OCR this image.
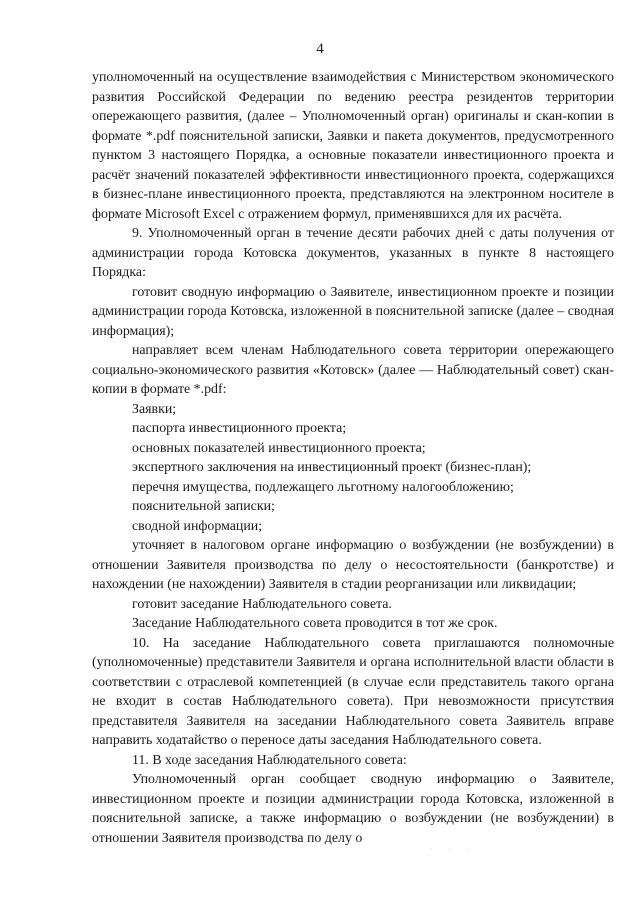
4

уполномоченный на осуществление взаимодействия с Министерством экономического развития Российской Федерации по ведению реестра резидентов территории опережающего развития, (далее – Уполномоченный орган) оригиналы и скан-копии в формате *.pdf пояснительной записки, Заявки и пакета документов, предусмотренного пунктом 3 настоящего Порядка, а основные показатели инвестиционного проекта и расчёт значений показателей эффективности инвестиционного проекта, содержащихся в бизнес-плане инвестиционного проекта, представляются на электронном носителе в формате Microsoft Excel с отражением формул, применявшихся для их расчёта.

9. Уполномоченный орган в течение десяти рабочих дней с даты получения от администрации города Котовска документов, указанных в пункте 8 настоящего Порядка:

готовит сводную информацию о Заявителе, инвестиционном проекте и позиции администрации города Котовска, изложенной в пояснительной записке (далее – сводная информация);

направляет всем членам Наблюдательного совета территории опережающего социально-экономического развития «Котовск» (далее — Наблюдательный совет) скан-копии в формате *.pdf:

Заявки;

паспорта инвестиционного проекта;

основных показателей инвестиционного проекта;

экспертного заключения на инвестиционный проект (бизнес-план);

перечня имущества, подлежащего льготному налогообложению;

пояснительной записки;

сводной информации;

уточняет в налоговом органе информацию о возбуждении (не возбуждении) в отношении Заявителя производства по делу о несостоятельности (банкротстве) и нахождении (не нахождении) Заявителя в стадии реорганизации или ликвидации;

готовит заседание Наблюдательного совета.

Заседание Наблюдательного совета проводится в тот же срок.

10. На заседание Наблюдательного совета приглашаются полномочные (уполномоченные) представители Заявителя и органа исполнительной власти области в соответствии с отраслевой компетенцией (в случае если представитель такого органа не входит в состав Наблюдательного совета). При невозможности присутствия представителя Заявителя на заседании Наблюдательного совета Заявитель вправе направить ходатайство о переносе даты заседания Наблюдательного совета.

11. В ходе заседания Наблюдательного совета:

Уполномоченный орган сообщает сводную информацию о Заявителе, инвестиционном проекте и позиции администрации города Котовска, изложенной в пояснительной записке, а также информацию о возбуждении (не возбуждении) в отношении Заявителя производства по делу о

· · ·
